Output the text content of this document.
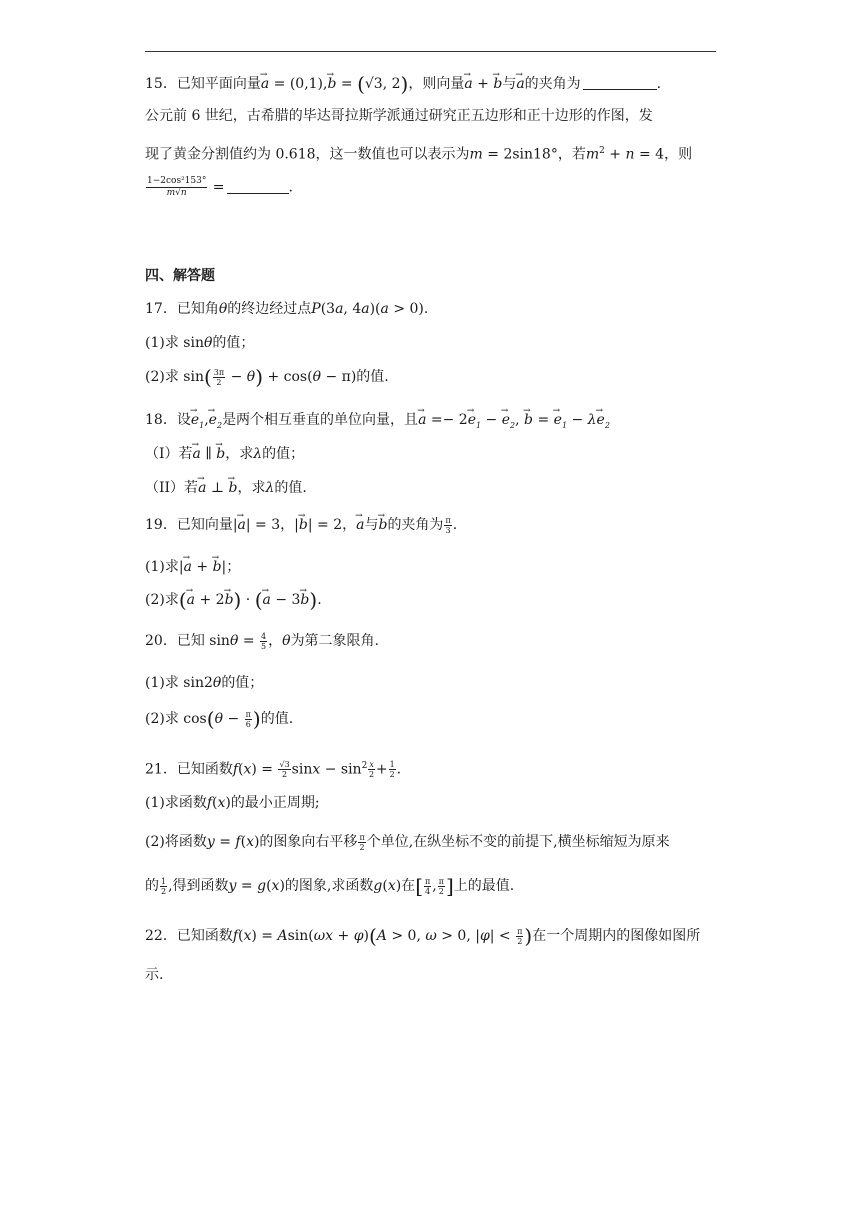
15．已知平面向量→ a = (0,1),→ b = (√3, 2)，则向量→ a + → b与→ a的夹角为	.
公元前 6 世纪，古希腊的毕达哥拉斯学派通过研究正五边形和正十边形的作图，发
现了黄金分割值约为 0.618，这一数值也可以表示为m = 2sin18°，若$m^2 + n = 4$，则
$\frac{\text{1−2cos²153°}}{m√n}$ =	.
四、解答题
17．已知角θ的终边经过点P(3a, 4a)(a > 0).
(1)求 sinθ的值；
(2)求 $\sin( \frac{3\pi}{2} - \theta) + \cos(\theta - \pi)$的值.
18．设→ $e_1,\to e_2$是两个相互垂直的单位向量，且→ $a =- 2\to e_1$ − → $e_2$, → b = → $e_1 - \lambda\to e_2$
（I）若→ a ∥ → b，求λ的值；
（II）若→ a ⊥ → b，求λ的值.
19．已知向量|→ a| = 3，|→ b| = 2，→ a与→ b的夹角为 $\frac{\pi}{3}$ .
(1)求|→ a + → b|；
(2)求(→ a + 2→ b) · (→ a − 3→ b).
20．已知 $\sin\theta = \frac{4}{5}$ ，θ为第二象限角.
(1)求 sin2θ的值；
(2)求 $\cos(\theta - \frac{\pi}{6}$ )的值.
21．已知函数$f(x) = \frac{√3}{2}$ $\sin x - \sin^2 \frac{x}{2} + \frac{1}{2}$ .
(1)求函数f(x)的最小正周期;
(2)将函数y = f(x)的图象向右平移 $\frac{\pi}{2}$ 个单位,在纵坐标不变的前提下,横坐标缩短为原来
的 $\frac{1}{2}$ ,得到函数y = g(x)的图象,求函数g(x)在[ $\frac{\pi}{4}$ , $\frac{\pi}{2}$ ]上的最值.
22．已知函数f(x) = Asin(ωx + φ)(A > 0, ω > 0, $|\varphi| < \frac{\pi}{2}$ )在一个周期内的图像如图所
示.
